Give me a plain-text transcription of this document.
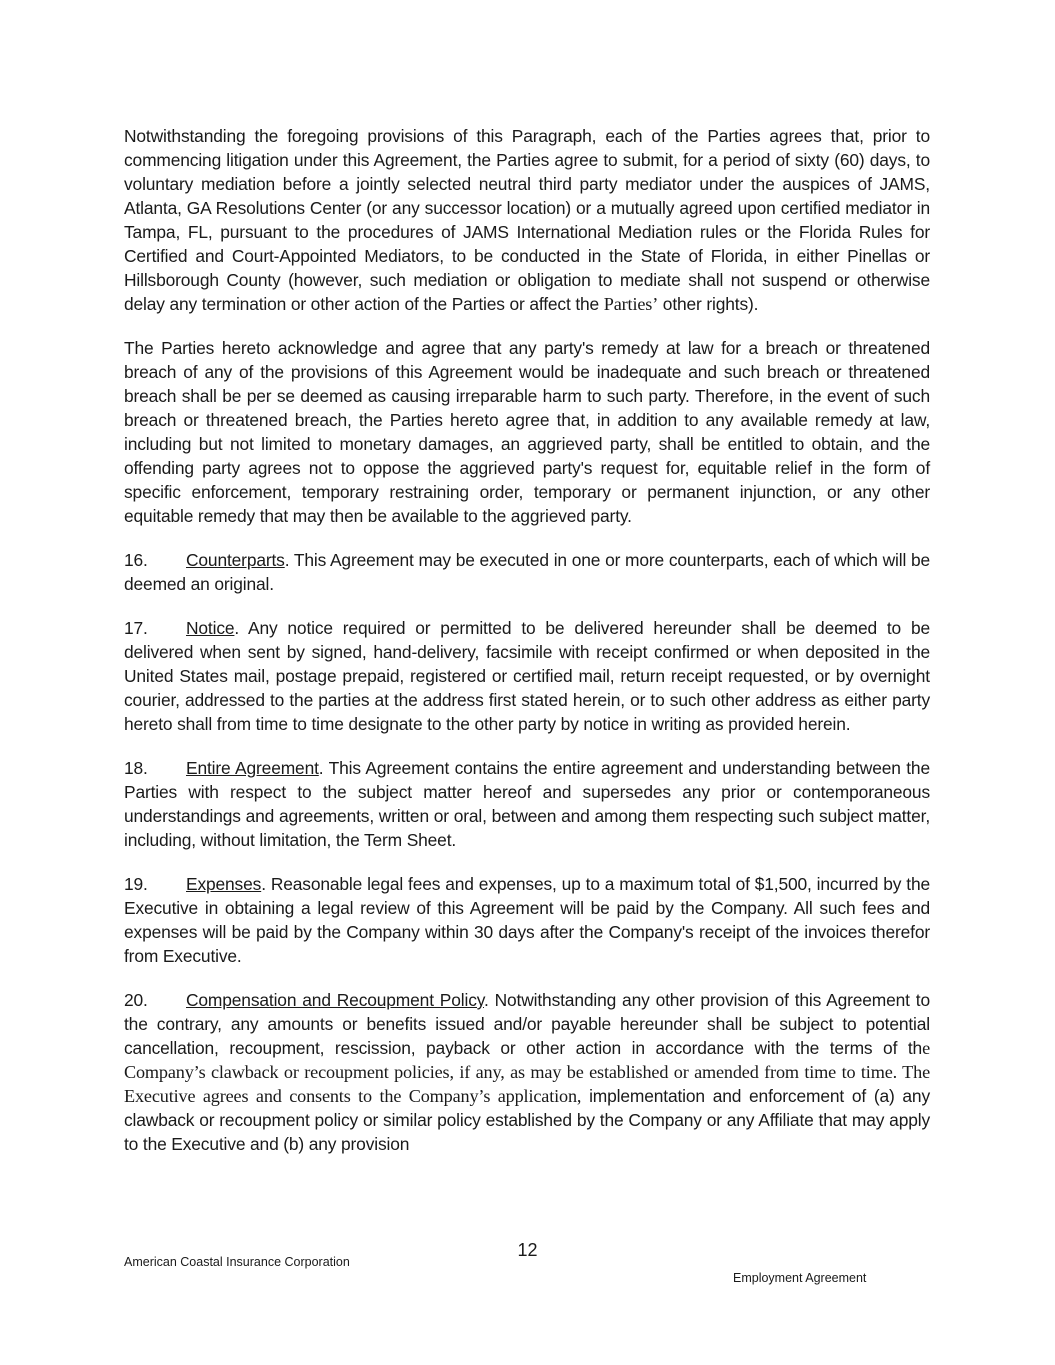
Notwithstanding the foregoing provisions of this Paragraph, each of the Parties agrees that, prior to commencing litigation under this Agreement, the Parties agree to submit, for a period of sixty (60) days, to voluntary mediation before a jointly selected neutral third party mediator under the auspices of JAMS, Atlanta, GA Resolutions Center (or any successor location) or a mutually agreed upon certified mediator in Tampa, FL, pursuant to the procedures of JAMS International Mediation rules or the Florida Rules for Certified and Court-Appointed Mediators, to be conducted in the State of Florida, in either Pinellas or Hillsborough County (however, such mediation or obligation to mediate shall not suspend or otherwise delay any termination or other action of the Parties or affect the Parties’ other rights).

The Parties hereto acknowledge and agree that any party's remedy at law for a breach or threatened breach of any of the provisions of this Agreement would be inadequate and such breach or threatened breach shall be per se deemed as causing irreparable harm to such party. Therefore, in the event of such breach or threatened breach, the Parties hereto agree that, in addition to any available remedy at law, including but not limited to monetary damages, an aggrieved party, shall be entitled to obtain, and the offending party agrees not to oppose the aggrieved party's request for, equitable relief in the form of specific enforcement, temporary restraining order, temporary or permanent injunction, or any other equitable remedy that may then be available to the aggrieved party.

16. Counterparts. This Agreement may be executed in one or more counterparts, each of which will be deemed an original.

17. Notice. Any notice required or permitted to be delivered hereunder shall be deemed to be delivered when sent by signed, hand-delivery, facsimile with receipt confirmed or when deposited in the United States mail, postage prepaid, registered or certified mail, return receipt requested, or by overnight courier, addressed to the parties at the address first stated herein, or to such other address as either party hereto shall from time to time designate to the other party by notice in writing as provided herein.

18. Entire Agreement. This Agreement contains the entire agreement and understanding between the Parties with respect to the subject matter hereof and supersedes any prior or contemporaneous understandings and agreements, written or oral, between and among them respecting such subject matter, including, without limitation, the Term Sheet.

19. Expenses. Reasonable legal fees and expenses, up to a maximum total of $1,500, incurred by the Executive in obtaining a legal review of this Agreement will be paid by the Company. All such fees and expenses will be paid by the Company within 30 days after the Company's receipt of the invoices therefor from Executive.

20. Compensation and Recoupment Policy. Notwithstanding any other provision of this Agreement to the contrary, any amounts or benefits issued and/or payable hereunder shall be subject to potential cancellation, recoupment, rescission, payback or other action in accordance with the terms of the Company’s clawback or recoupment policies, if any, as may be established or amended from time to time. The Executive agrees and consents to the Company’s application, implementation and enforcement of (a) any clawback or recoupment policy or similar policy established by the Company or any Affiliate that may apply to the Executive and (b) any provision

12
American Coastal Insurance Corporation
Employment Agreement
